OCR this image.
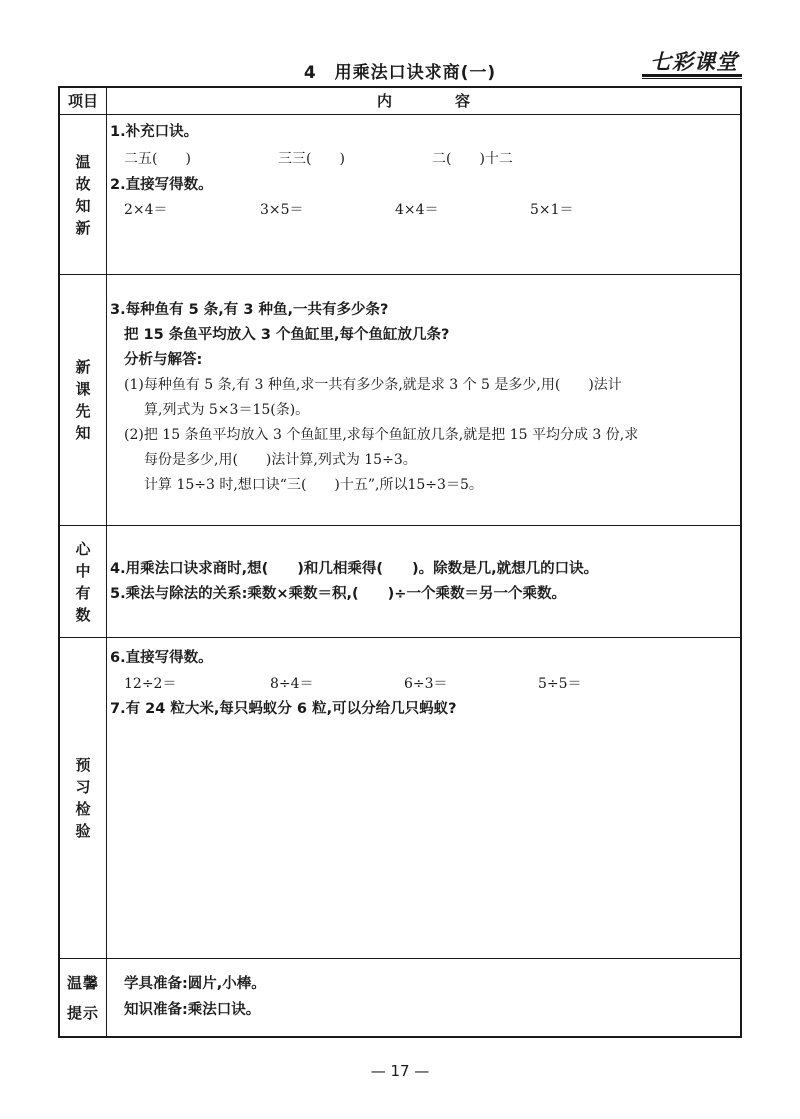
4　用乘法口诀求商(一)	七彩课堂
项目	内　容
温故知新
1.补充口诀。
二五(　　)	三三(　　)	二(　　)十二
2.直接写得数。
2×4＝	3×5＝	4×4＝	5×1＝
新课先知
3.每种鱼有 5 条,有 3 种鱼,一共有多少条?
把 15 条鱼平均放入 3 个鱼缸里,每个鱼缸放几条?
分析与解答:
(1)每种鱼有 5 条,有 3 种鱼,求一共有多少条,就是求 3 个 5 是多少,用(　　)法计
算,列式为 5×3＝15(条)。
(2)把 15 条鱼平均放入 3 个鱼缸里,求每个鱼缸放几条,就是把 15 平均分成 3 份,求
每份是多少,用(　　)法计算,列式为 15÷3。
计算 15÷3 时,想口诀“三(　　)十五”,所以15÷3＝5。
心中有数
4.用乘法口诀求商时,想(　　)和几相乘得(　　)。除数是几,就想几的口诀。
5.乘法与除法的关系:乘数×乘数＝积,(　　)÷一个乘数＝另一个乘数。
预习检验
6.直接写得数。
12÷2＝	8÷4＝	6÷3＝	5÷5＝
7.有 24 粒大米,每只蚂蚁分 6 粒,可以分给几只蚂蚁?
温馨提示
学具准备:圆片,小棒。
知识准备:乘法口诀。
— 17 —
